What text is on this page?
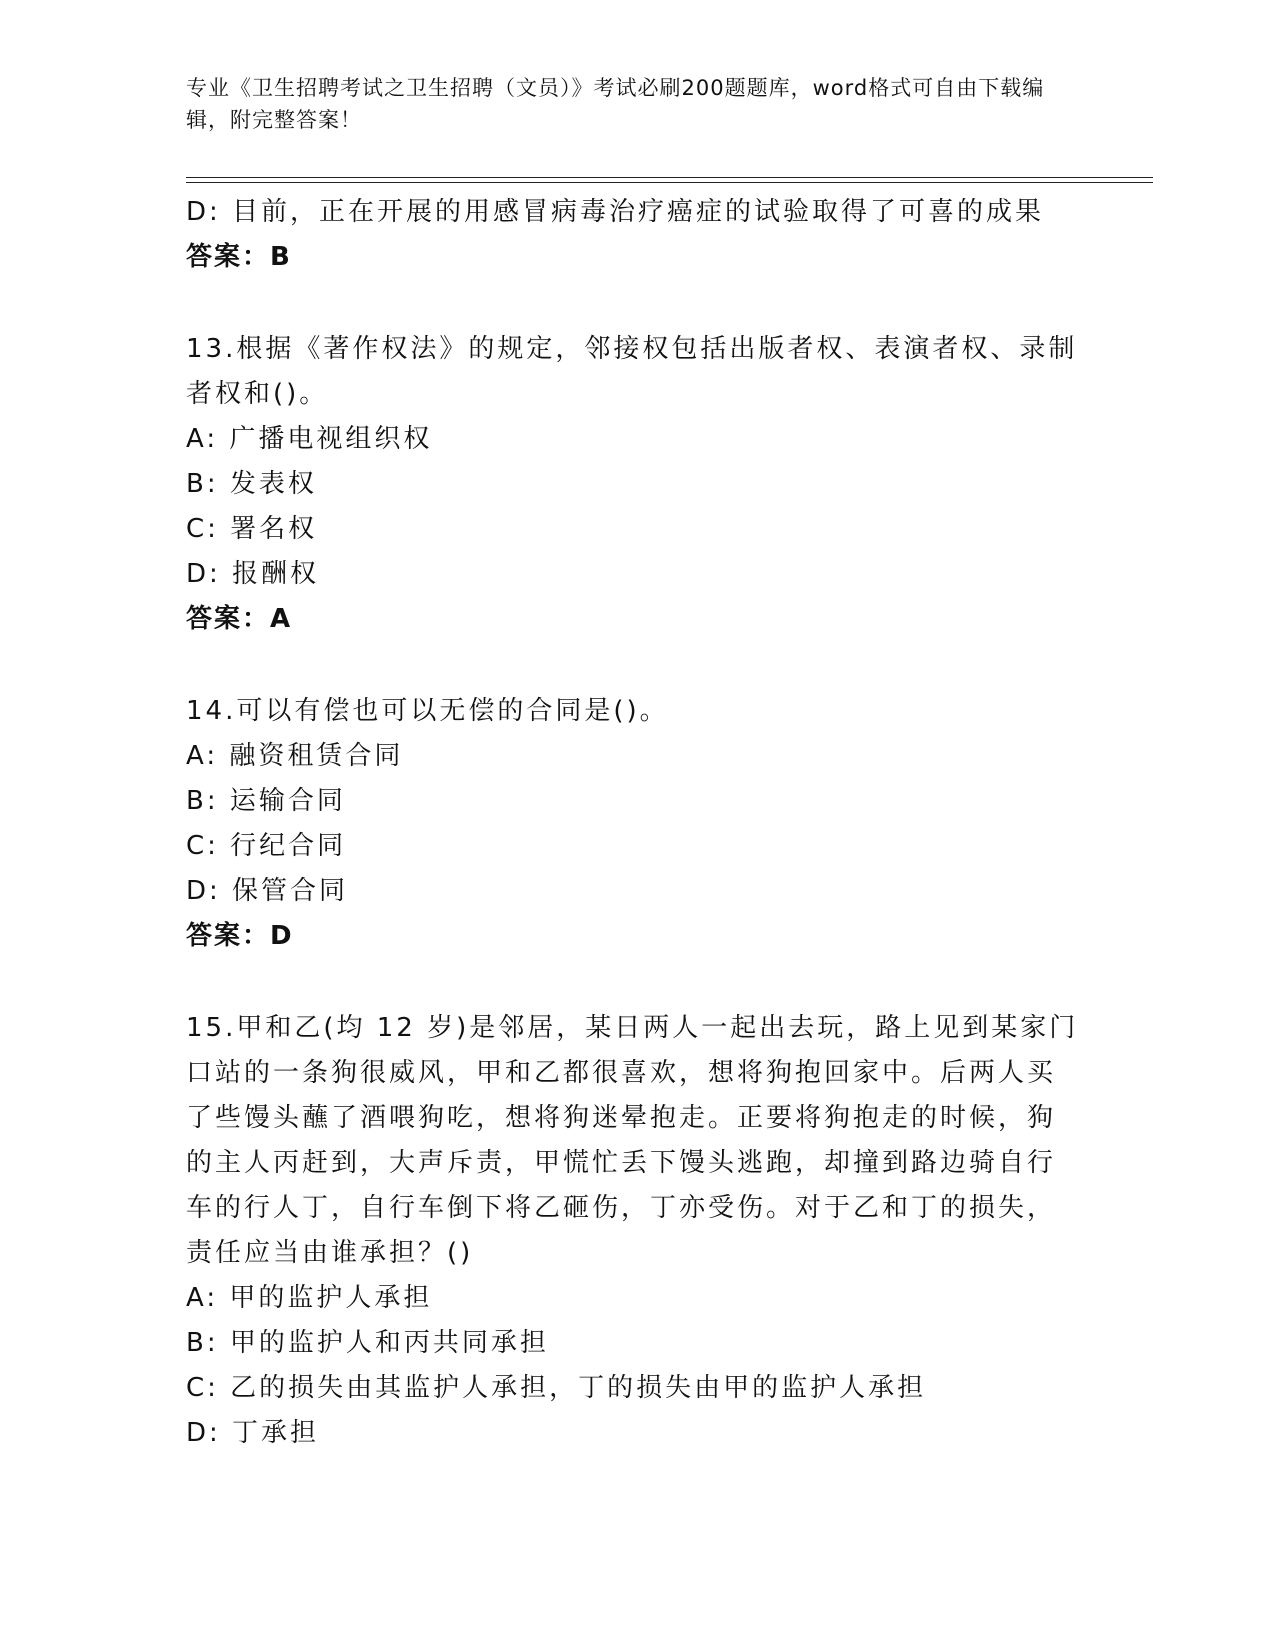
专业《卫生招聘考试之卫生招聘（文员）》考试必刷200题题库，word格式可自由下载编辑，附完整答案！
D: 目前，正在开展的用感冒病毒治疗癌症的试验取得了可喜的成果
答案：B
13.根据《著作权法》的规定，邻接权包括出版者权、表演者权、录制
者权和()。
A: 广播电视组织权
B: 发表权
C: 署名权
D: 报酬权
答案：A
14.可以有偿也可以无偿的合同是()。
A: 融资租赁合同
B: 运输合同
C: 行纪合同
D: 保管合同
答案：D
15.甲和乙(均 12 岁)是邻居，某日两人一起出去玩，路上见到某家门
口站的一条狗很威风，甲和乙都很喜欢，想将狗抱回家中。后两人买
了些馒头蘸了酒喂狗吃，想将狗迷晕抱走。正要将狗抱走的时候，狗
的主人丙赶到，大声斥责，甲慌忙丢下馒头逃跑，却撞到路边骑自行
车的行人丁，自行车倒下将乙砸伤，丁亦受伤。对于乙和丁的损失，
责任应当由谁承担？()
A: 甲的监护人承担
B: 甲的监护人和丙共同承担
C: 乙的损失由其监护人承担，丁的损失由甲的监护人承担
D: 丁承担
